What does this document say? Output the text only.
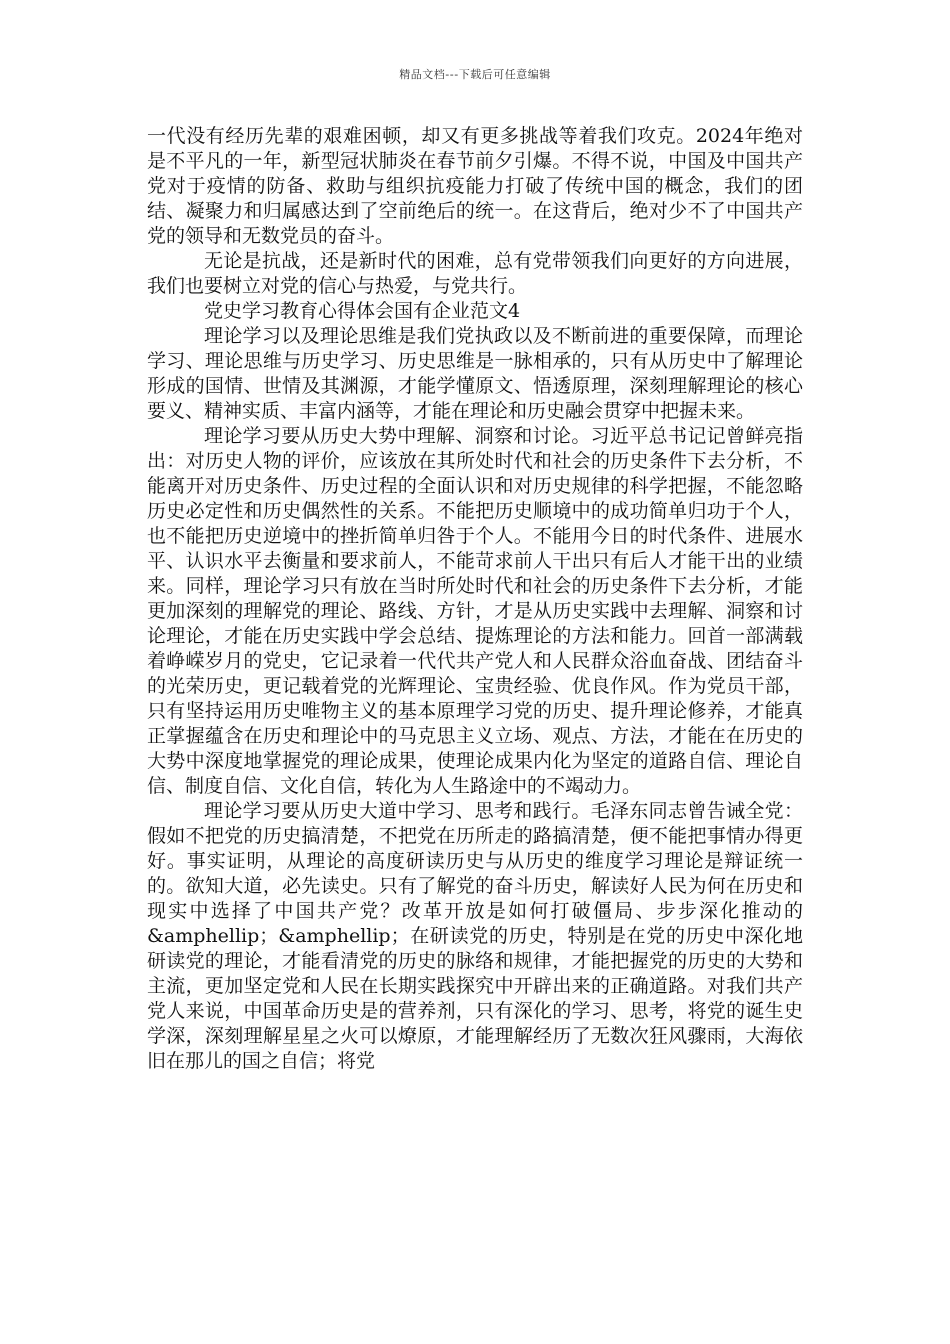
精品文档---下载后可任意编辑

一代没有经历先辈的艰难困顿，却又有更多挑战等着我们攻克。2024年绝对是不平凡的一年，新型冠状肺炎在春节前夕引爆。不得不说，中国及中国共产党对于疫情的防备、救助与组织抗疫能力打破了传统中国的概念，我们的团结、凝聚力和归属感达到了空前绝后的统一。在这背后，绝对少不了中国共产党的领导和无数党员的奋斗。

无论是抗战，还是新时代的困难，总有党带领我们向更好的方向进展，我们也要树立对党的信心与热爱，与党共行。

党史学习教育心得体会国有企业范文4

理论学习以及理论思维是我们党执政以及不断前进的重要保障，而理论学习、理论思维与历史学习、历史思维是一脉相承的，只有从历史中了解理论形成的国情、世情及其渊源，才能学懂原文、悟透原理，深刻理解理论的核心要义、精神实质、丰富内涵等，才能在理论和历史融会贯穿中把握未来。

理论学习要从历史大势中理解、洞察和讨论。习近平总书记记曾鲜亮指出：对历史人物的评价，应该放在其所处时代和社会的历史条件下去分析，不能离开对历史条件、历史过程的全面认识和对历史规律的科学把握，不能忽略历史必定性和历史偶然性的关系。不能把历史顺境中的成功简单归功于个人，也不能把历史逆境中的挫折简单归咎于个人。不能用今日的时代条件、进展水平、认识水平去衡量和要求前人，不能苛求前人干出只有后人才能干出的业绩来。同样，理论学习只有放在当时所处时代和社会的历史条件下去分析，才能更加深刻的理解党的理论、路线、方针，才是从历史实践中去理解、洞察和讨论理论，才能在历史实践中学会总结、提炼理论的方法和能力。回首一部满载着峥嵘岁月的党史，它记录着一代代共产党人和人民群众浴血奋战、团结奋斗的光荣历史，更记载着党的光辉理论、宝贵经验、优良作风。作为党员干部，只有坚持运用历史唯物主义的基本原理学习党的历史、提升理论修养，才能真正掌握蕴含在历史和理论中的马克思主义立场、观点、方法，才能在在历史的大势中深度地掌握党的理论成果，使理论成果内化为坚定的道路自信、理论自信、制度自信、文化自信，转化为人生路途中的不竭动力。

理论学习要从历史大道中学习、思考和践行。毛泽东同志曾告诫全党：假如不把党的历史搞清楚，不把党在历所走的路搞清楚，便不能把事情办得更好。事实证明，从理论的高度研读历史与从历史的维度学习理论是辩证统一的。欲知大道，必先读史。只有了解党的奋斗历史，解读好人民为何在历史和现实中选择了中国共产党？改革开放是如何打破僵局、步步深化推动的&amphellip；&amphellip；在研读党的历史，特别是在党的历史中深化地研读党的理论，才能看清党的历史的脉络和规律，才能把握党的历史的大势和主流，更加坚定党和人民在长期实践探究中开辟出来的正确道路。对我们共产党人来说，中国革命历史是的营养剂，只有深化的学习、思考，将党的诞生史学深，深刻理解星星之火可以燎原，才能理解经历了无数次狂风骤雨，大海依旧在那儿的国之自信；将党
